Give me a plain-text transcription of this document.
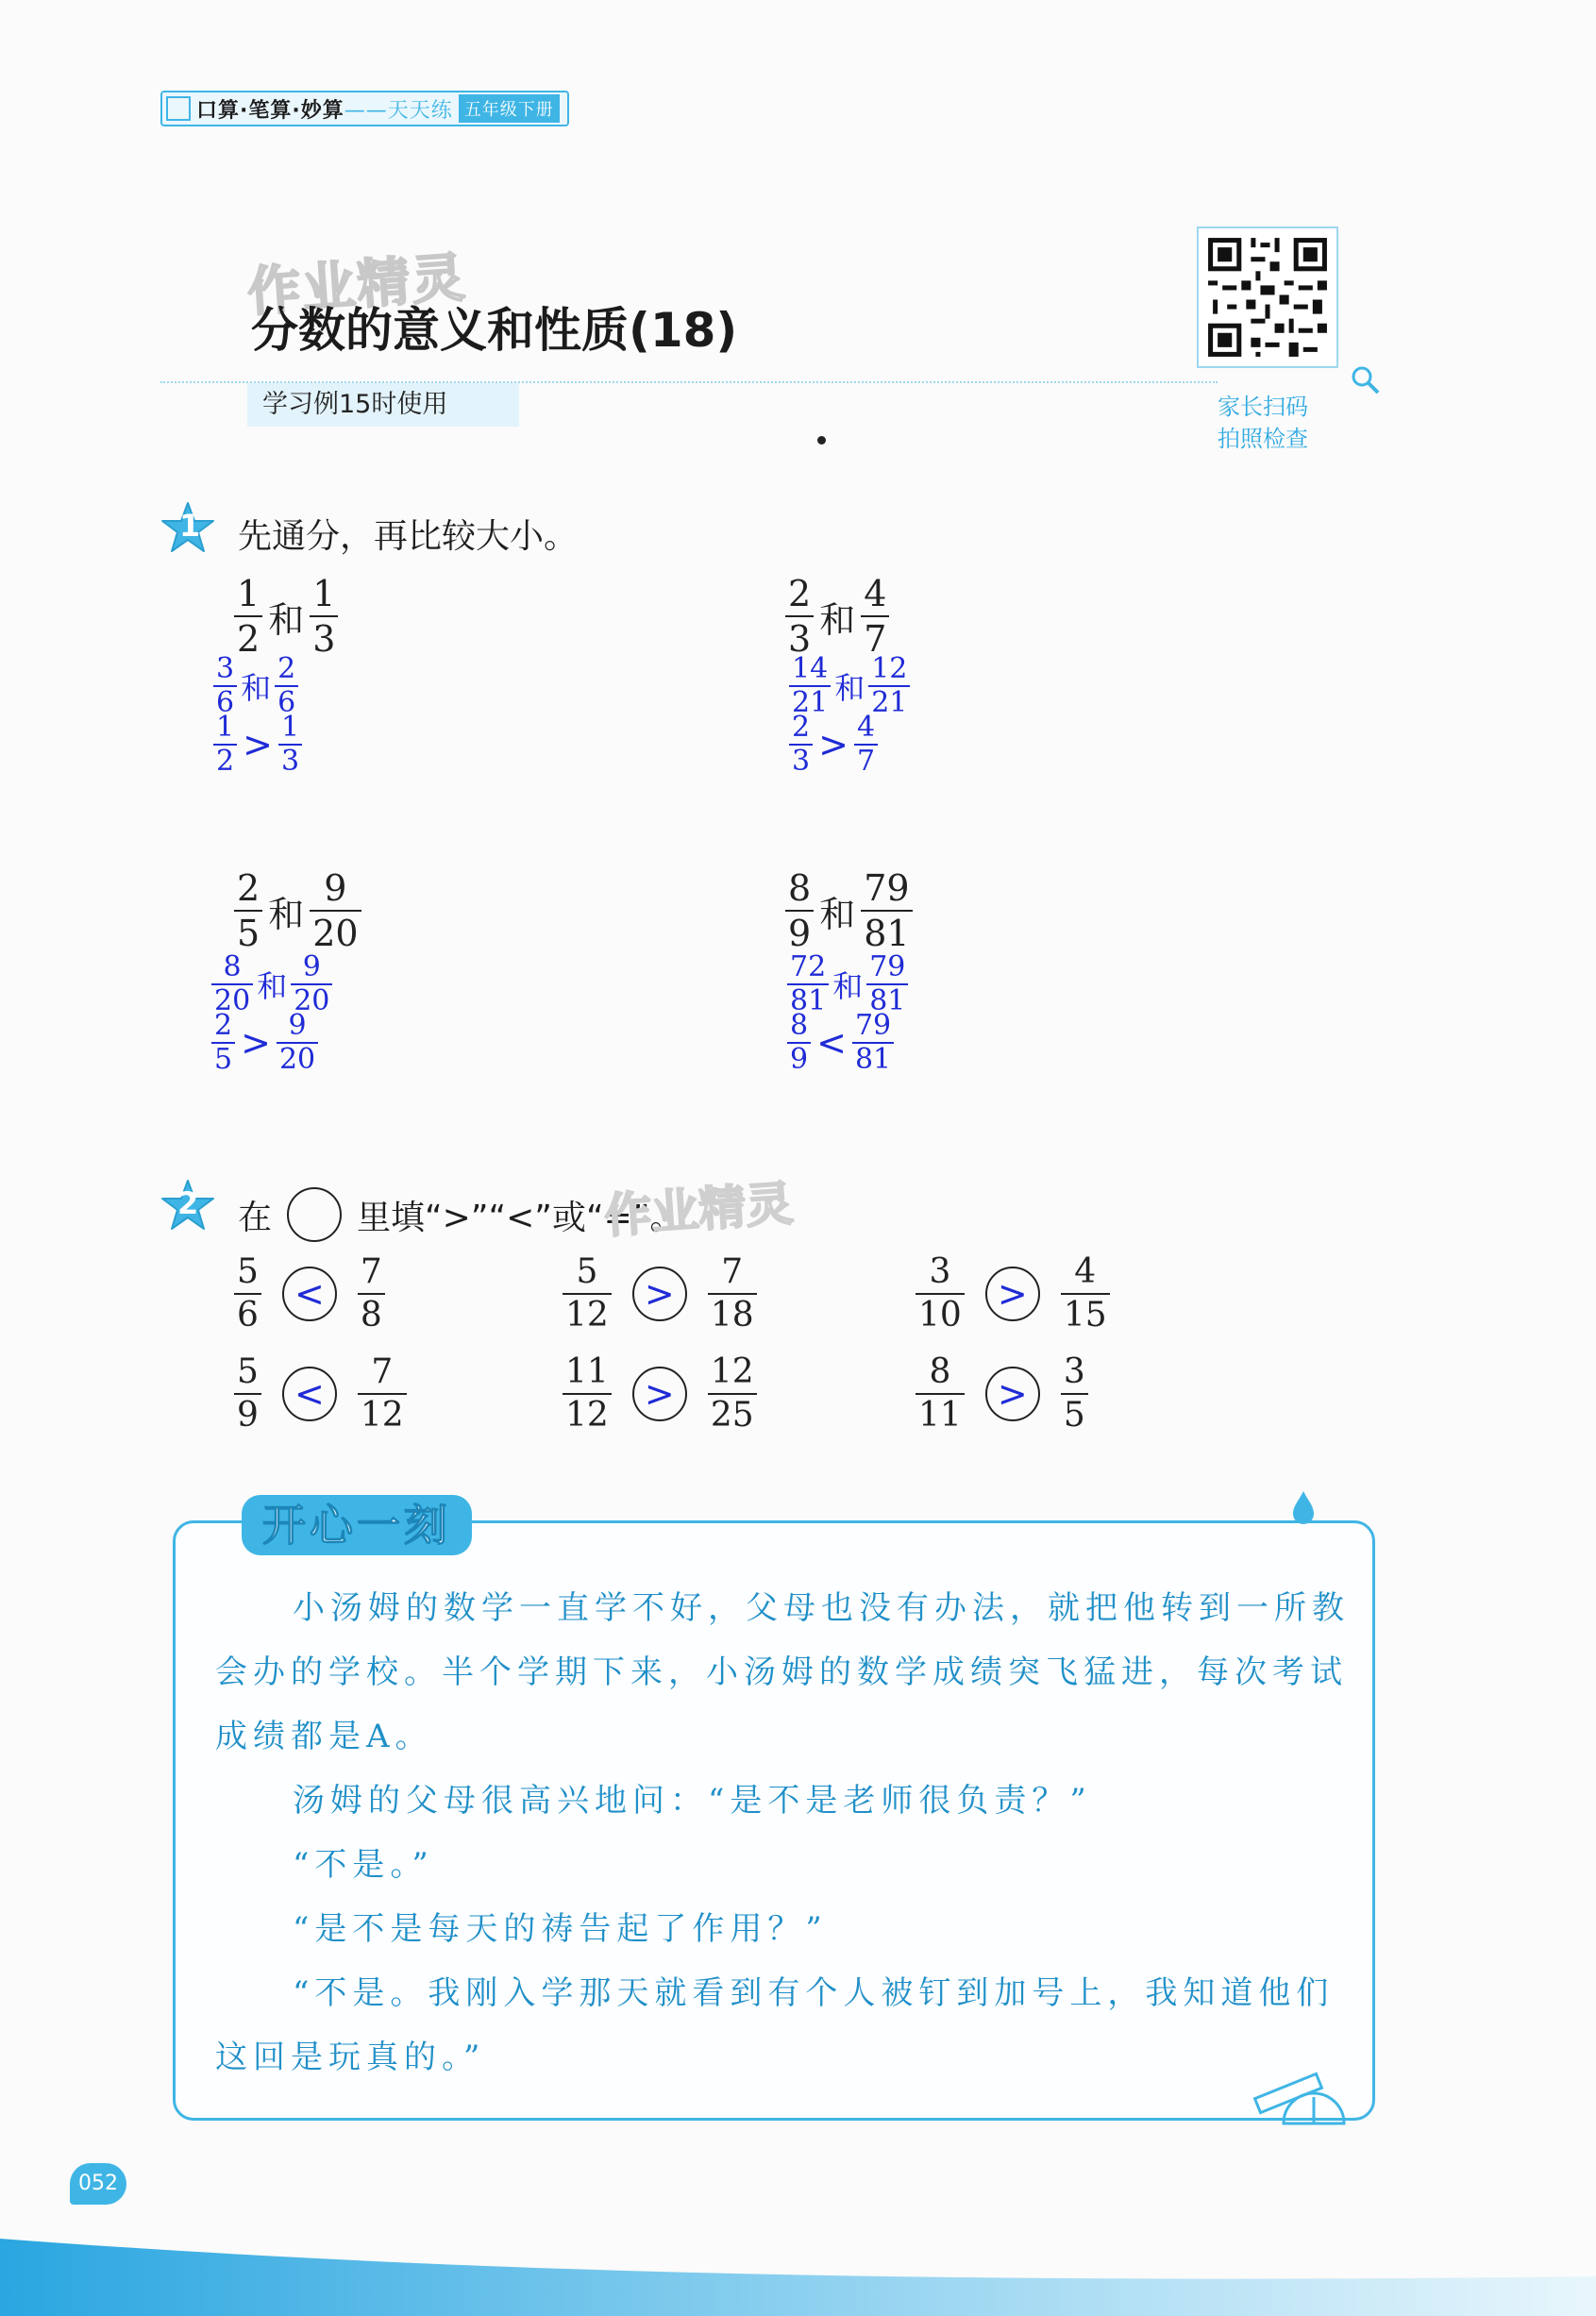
口算·笔算·妙算 ——天天练 五年级下册
作业精灵
分数的意义和性质(18)
学习例15时使用	家长扫码
拍照检查
1 先通分，再比较大小。
$\frac{1}{2}$ 和 $\frac{1}{3}$
$\frac{3}{6}$ 和 $\frac{2}{6}$
$\frac{1}{2} > \frac{1}{3}$
$\frac{2}{3}$ 和 $\frac{4}{7}$
$\frac{14}{21}$ 和 $\frac{12}{21}$
$\frac{2}{3} > \frac{4}{7}$
$\frac{2}{5}$ 和 $\frac{9}{20}$
$\frac{8}{20}$ 和 $\frac{9}{20}$
$\frac{2}{5} > \frac{9}{20}$
$\frac{8}{9}$ 和 $\frac{79}{81}$
$\frac{72}{81}$ 和 $\frac{79}{81}$
$\frac{8}{9} < \frac{79}{81}$
2 在	里填“>”“<”或“=”。
作业精灵
$\frac{5}{6} < \frac{7}{8}$	$\frac{5}{12} > \frac{7}{18}$	$\frac{3}{10} > \frac{4}{15}$
$\frac{5}{9} < \frac{7}{12}$	$\frac{11}{12} > \frac{12}{25}$	$\frac{8}{11} > \frac{3}{5}$
开心一刻
小汤姆的数学一直学不好，父母也没有办法，就把他转到一所教
会办的学校。半个学期下来，小汤姆的数学成绩突飞猛进，每次考试
成绩都是A。
汤姆的父母很高兴地问：“是不是老师很负责？”
“不是。”
“是不是每天的祷告起了作用？”
“不是。我刚入学那天就看到有个人被钉到加号上，我知道他们
这回是玩真的。”
052
